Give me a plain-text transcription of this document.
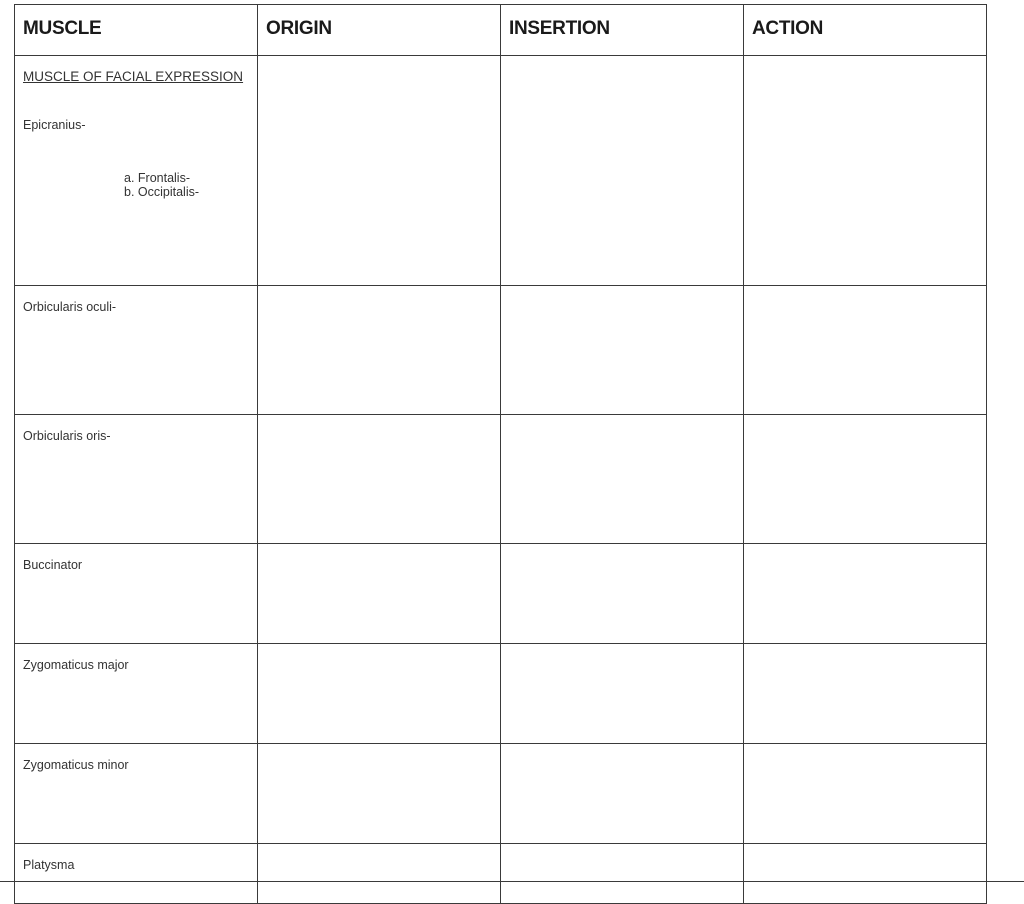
MUSCLE	ORIGIN	INSERTION	ACTION

MUSCLE OF FACIAL EXPRESSION
Epicranius-
a. Frontalis-
b. Occipitalis-			

Orbicularis oculi-			

Orbicularis oris-			

Buccinator			

Zygomaticus major			

Zygomaticus minor			

Platysma			
